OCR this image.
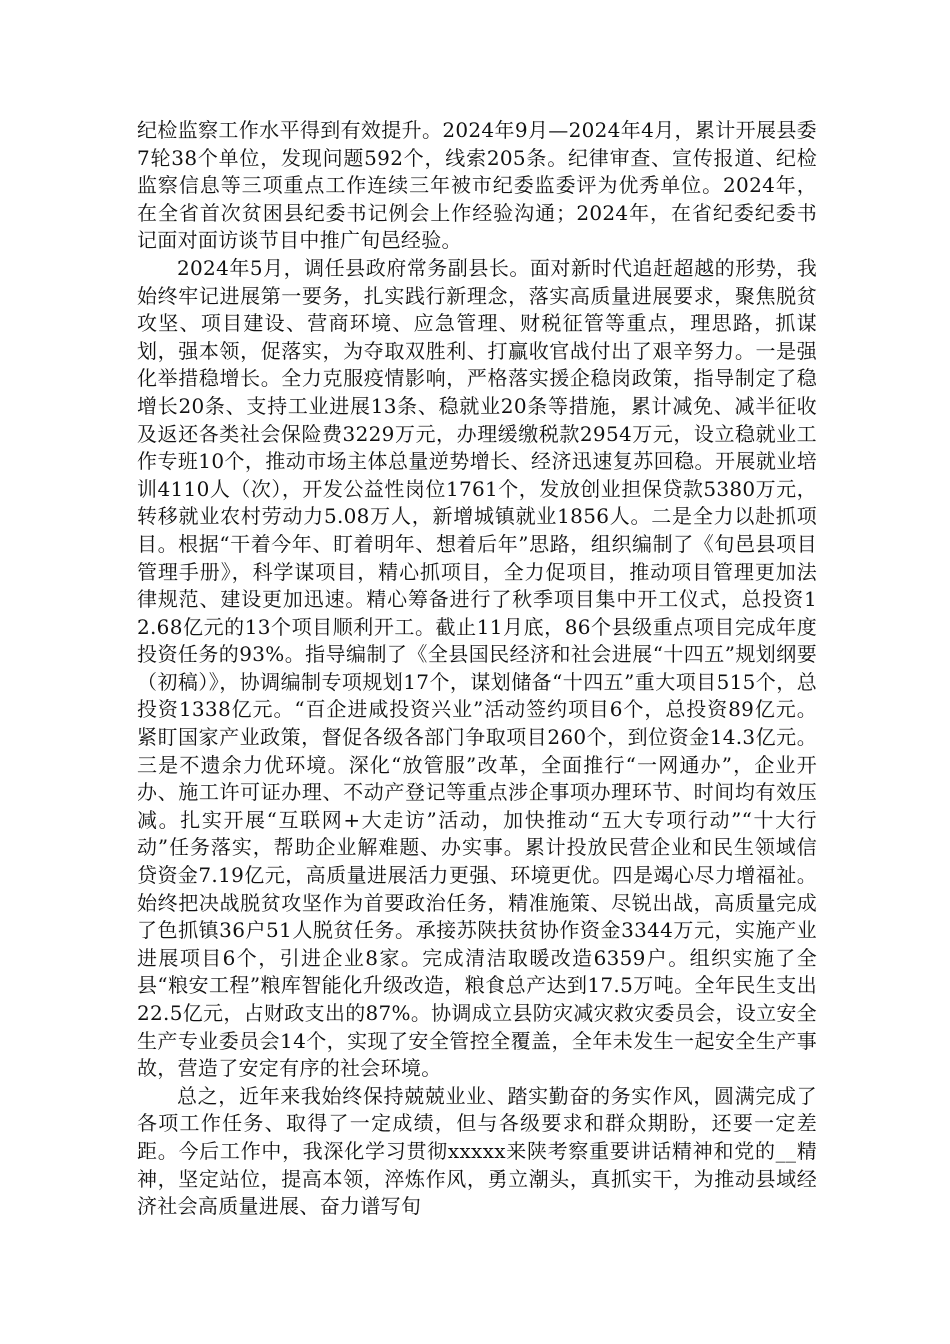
纪检监察工作水平得到有效提升。2024年9月—2024年4月，累计开展县委7轮38个单位，发现问题592个，线索205条。纪律审查、宣传报道、纪检监察信息等三项重点工作连续三年被市纪委监委评为优秀单位。2024年，在全省首次贫困县纪委书记例会上作经验沟通；2024年，在省纪委纪委书记面对面访谈节目中推广旬邑经验。

2024年5月，调任县政府常务副县长。面对新时代追赶超越的形势，我始终牢记进展第一要务，扎实践行新理念，落实高质量进展要求，聚焦脱贫攻坚、项目建设、营商环境、应急管理、财税征管等重点，理思路，抓谋划，强本领，促落实，为夺取双胜利、打赢收官战付出了艰辛努力。一是强化举措稳增长。全力克服疫情影响，严格落实援企稳岗政策，指导制定了稳增长20条、支持工业进展13条、稳就业20条等措施，累计减免、减半征收及返还各类社会保险费3229万元，办理缓缴税款2954万元，设立稳就业工作专班10个，推动市场主体总量逆势增长、经济迅速复苏回稳。开展就业培训4110人（次），开发公益性岗位1761个，发放创业担保贷款5380万元，转移就业农村劳动力5.08万人，新增城镇就业1856人。二是全力以赴抓项目。根据“干着今年、盯着明年、想着后年”思路，组织编制了《旬邑县项目管理手册》，科学谋项目，精心抓项目，全力促项目，推动项目管理更加法律规范、建设更加迅速。精心筹备进行了秋季项目集中开工仪式，总投资12.68亿元的13个项目顺利开工。截止11月底，86个县级重点项目完成年度投资任务的93%。指导编制了《全县国民经济和社会进展“十四五”规划纲要（初稿）》，协调编制专项规划17个，谋划储备“十四五”重大项目515个，总投资1338亿元。“百企进咸投资兴业”活动签约项目6个，总投资89亿元。紧盯国家产业政策，督促各级各部门争取项目260个，到位资金14.3亿元。三是不遗余力优环境。深化“放管服”改革，全面推行“一网通办”，企业开办、施工许可证办理、不动产登记等重点涉企事项办理环节、时间均有效压减。扎实开展“互联网+大走访”活动，加快推动“五大专项行动”“十大行动”任务落实，帮助企业解难题、办实事。累计投放民营企业和民生领域信贷资金7.19亿元，高质量进展活力更强、环境更优。四是竭心尽力增福祉。始终把决战脱贫攻坚作为首要政治任务，精准施策、尽锐出战，高质量完成了色抓镇36户51人脱贫任务。承接苏陕扶贫协作资金3344万元，实施产业进展项目6个，引进企业8家。完成清洁取暖改造6359户。组织实施了全县“粮安工程”粮库智能化升级改造，粮食总产达到17.5万吨。全年民生支出22.5亿元，占财政支出的87%。协调成立县防灾减灾救灾委员会，设立安全生产专业委员会14个，实现了安全管控全覆盖，全年未发生一起安全生产事故，营造了安定有序的社会环境。

总之，近年来我始终保持兢兢业业、踏实勤奋的务实作风，圆满完成了各项工作任务、取得了一定成绩，但与各级要求和群众期盼，还要一定差距。今后工作中，我深化学习贯彻xxxxx来陕考察重要讲话精神和党的__精神，坚定站位，提高本领，淬炼作风，勇立潮头，真抓实干，为推动县域经济社会高质量进展、奋力谱写旬
